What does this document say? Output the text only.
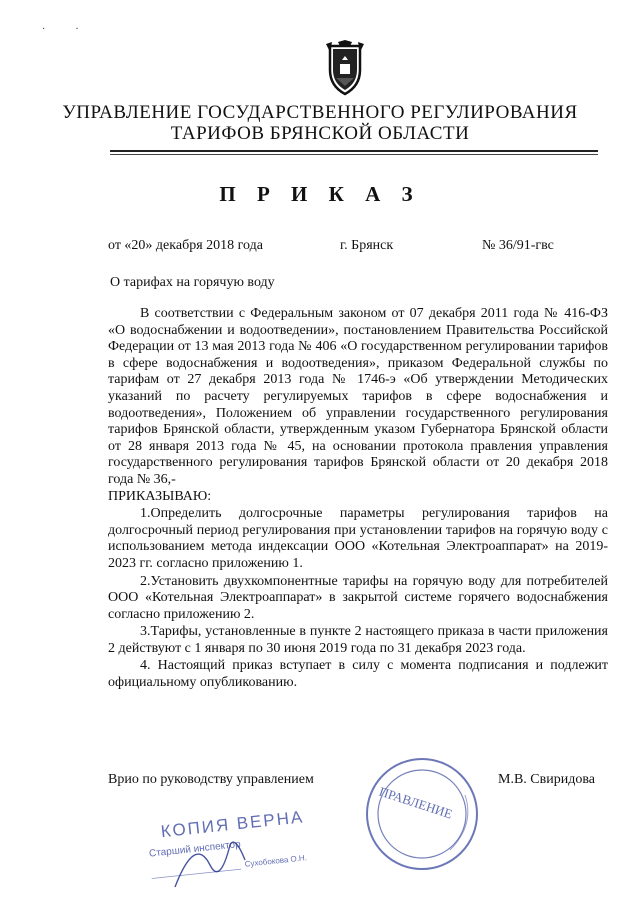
·            ·
УПРАВЛЕНИЕ ГОСУДАРСТВЕННОГО РЕГУЛИРОВАНИЯ
ТАРИФОВ БРЯНСКОЙ ОБЛАСТИ
П Р И К А З
от «20» декабря 2018 года	г. Брянск	№ 36/91-гвс
О тарифах на горячую воду

В соответствии с Федеральным законом от 07 декабря 2011 года № 416-ФЗ «О водоснабжении и водоотведении», постановлением Правительства Российской Федерации от 13 мая 2013 года № 406 «О государственном регулировании тарифов в сфере водоснабжения и водоотведения», приказом Федеральной службы по тарифам от 27 декабря 2013 года № 1746-э «Об утверждении Методических указаний по расчету регулируемых тарифов в сфере водоснабжения и водоотведения», Положением об управлении государственного регулирования тарифов Брянской области, утвержденным указом Губернатора Брянской области от 28 января 2013 года № 45, на основании протокола правления управления государственного регулирования тарифов Брянской области от 20 декабря 2018 года № 36,-

ПРИКАЗЫВАЮ:

1.Определить долгосрочные параметры регулирования тарифов на долгосрочный период регулирования при установлении тарифов на горячую воду с использованием метода индексации ООО «Котельная Электроаппарат» на 2019-2023 гг. согласно приложению 1.

2.Установить двухкомпонентные тарифы на горячую воду для потребителей ООО «Котельная Электроаппарат» в закрытой системе горячего водоснабжения согласно приложению 2.

3.Тарифы, установленные в пункте 2 настоящего приказа в части приложения 2 действуют с 1 января по 30 июня 2019 года по 31 декабря 2023 года.

4. Настоящий приказ вступает в силу с момента подписания и подлежит официальному опубликованию.

Врио по руководству управлением	М.В. Свиридова
ПРАВЛЕНИЕ
КОПИЯ ВЕРНА
Старший инспектор
Сухобокова О.Н.
